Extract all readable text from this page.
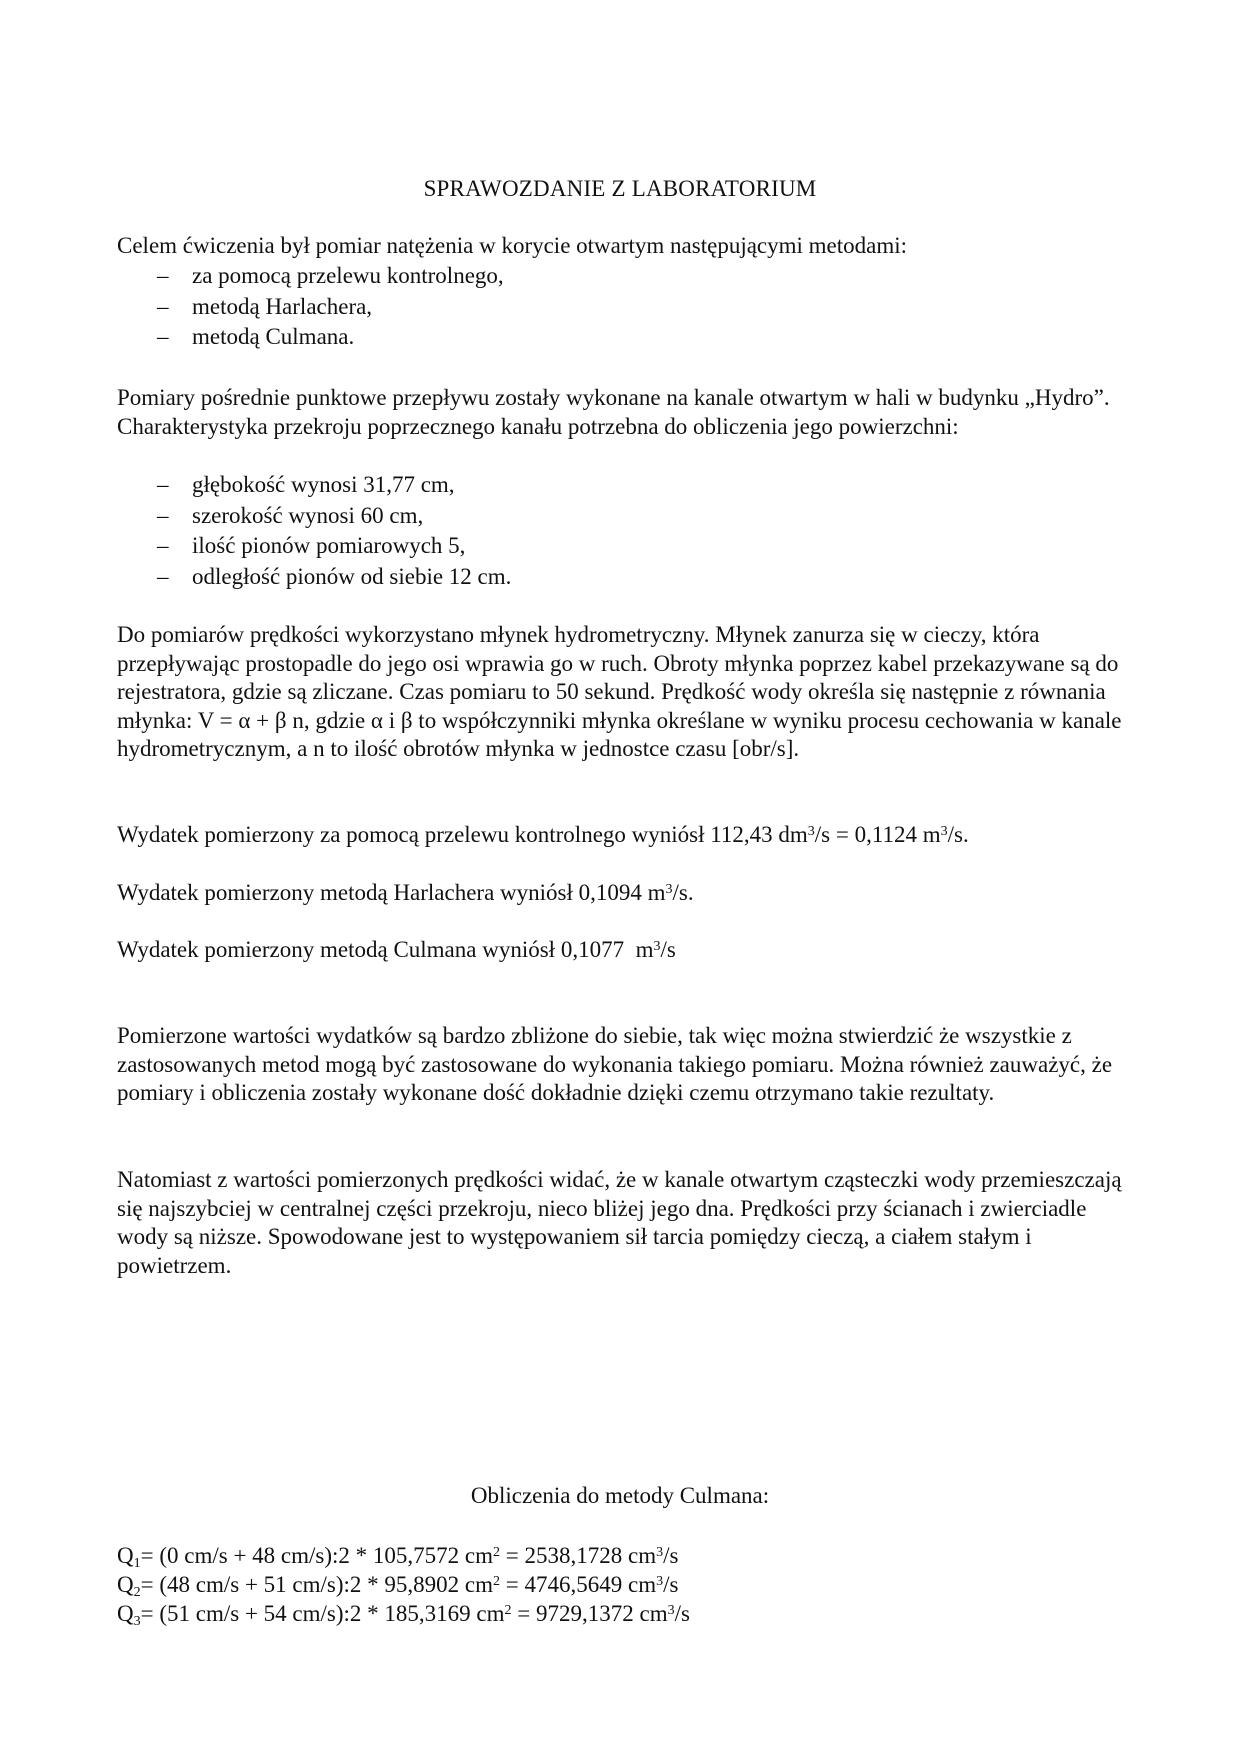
SPRAWOZDANIE Z LABORATORIUM

Celem ćwiczenia był pomiar natężenia w korycie otwartym następującymi metodami:

– za pomocą przelewu kontrolnego,
– metodą Harlachera,
– metodą Culmana.

Pomiary pośrednie punktowe przepływu zostały wykonane na kanale otwartym w hali w budynku „Hydro”. Charakterystyka przekroju poprzecznego kanału potrzebna do obliczenia jego powierzchni:

– głębokość wynosi 31,77 cm,
– szerokość wynosi 60 cm,
– ilość pionów pomiarowych 5,
– odległość pionów od siebie 12 cm.

Do pomiarów prędkości wykorzystano młynek hydrometryczny. Młynek zanurza się w cieczy, która przepływając prostopadle do jego osi wprawia go w ruch. Obroty młynka poprzez kabel przekazywane są do rejestratora, gdzie są zliczane. Czas pomiaru to 50 sekund. Prędkość wody określa się następnie z równania młynka: V = α + β n, gdzie α i β to współczynniki młynka określane w wyniku procesu cechowania w kanale hydrometrycznym, a n to ilość obrotów młynka w jednostce czasu [obr/s].

Wydatek pomierzony za pomocą przelewu kontrolnego wyniósł 112,43 $dm^3/s = 0,1124$ $m^3/s$.

Wydatek pomierzony metodą Harlachera wyniósł 0,1094 $m^3/s$.

Wydatek pomierzony metodą Culmana wyniósł 0,1077  $m^3/s$

Pomierzone wartości wydatków są bardzo zbliżone do siebie, tak więc można stwierdzić że wszystkie z zastosowanych metod mogą być zastosowane do wykonania takiego pomiaru. Można również zauważyć, że pomiary i obliczenia zostały wykonane dość dokładnie dzięki czemu otrzymano takie rezultaty.

Natomiast z wartości pomierzonych prędkości widać, że w kanale otwartym cząsteczki wody przemieszczają się najszybciej w centralnej części przekroju, nieco bliżej jego dna. Prędkości przy ścianach i zwierciadle wody są niższe. Spowodowane jest to występowaniem sił tarcia pomiędzy cieczą, a ciałem stałym i powietrzem.

Obliczenia do metody Culmana:

$Q_1= (0$ cm/s + 48 cm/s):2 * 105,7572 $cm^2 = 2538,1728$ $cm^3/s$

$Q_2= (48$ cm/s + 51 cm/s):2 * 95,8902 $cm^2 = 4746,5649$ $cm^3/s$

$Q_3= (51$ cm/s + 54 cm/s):2 * 185,3169 $cm^2 = 9729,1372$ $cm^3/s$
